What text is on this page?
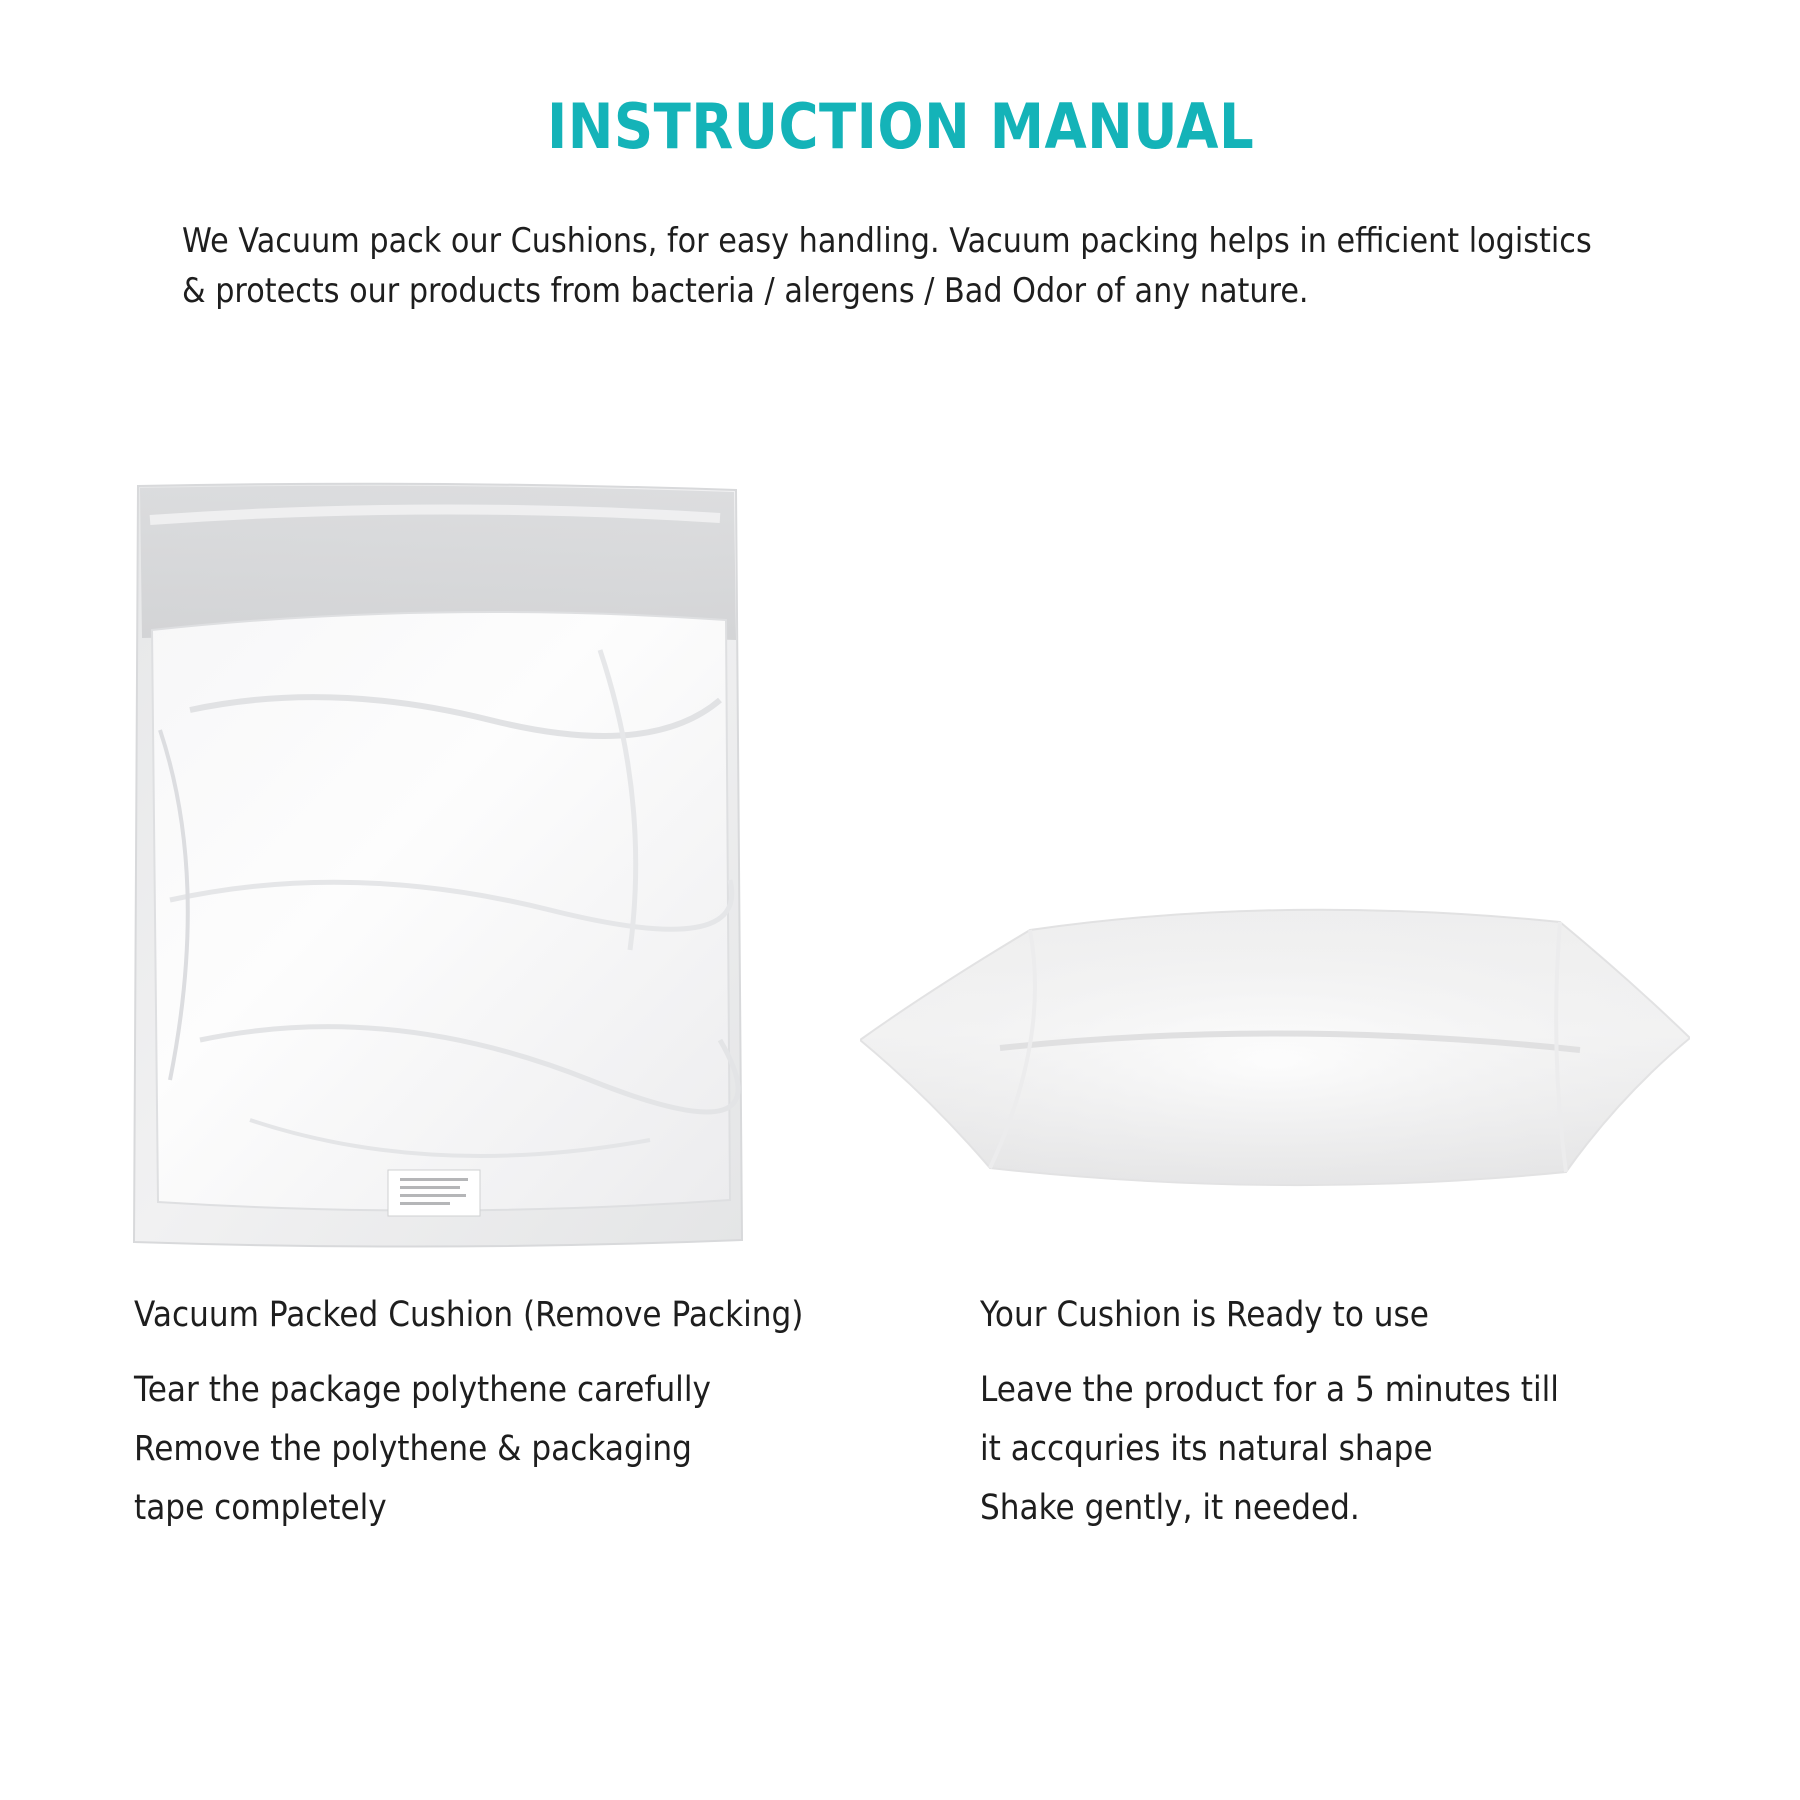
INSTRUCTION MANUAL

We Vacuum pack our Cushions, for easy handling. Vacuum packing helps in efficient logistics

& protects our products from bacteria / alergens / Bad Odor of any nature.

Vacuum Packed Cushion (Remove Packing)

Tear the package polythene carefully

Remove the polythene & packaging

tape completely

Your Cushion is Ready to use

Leave the product for a 5 minutes till

it accquries its natural shape

Shake gently, it needed.
